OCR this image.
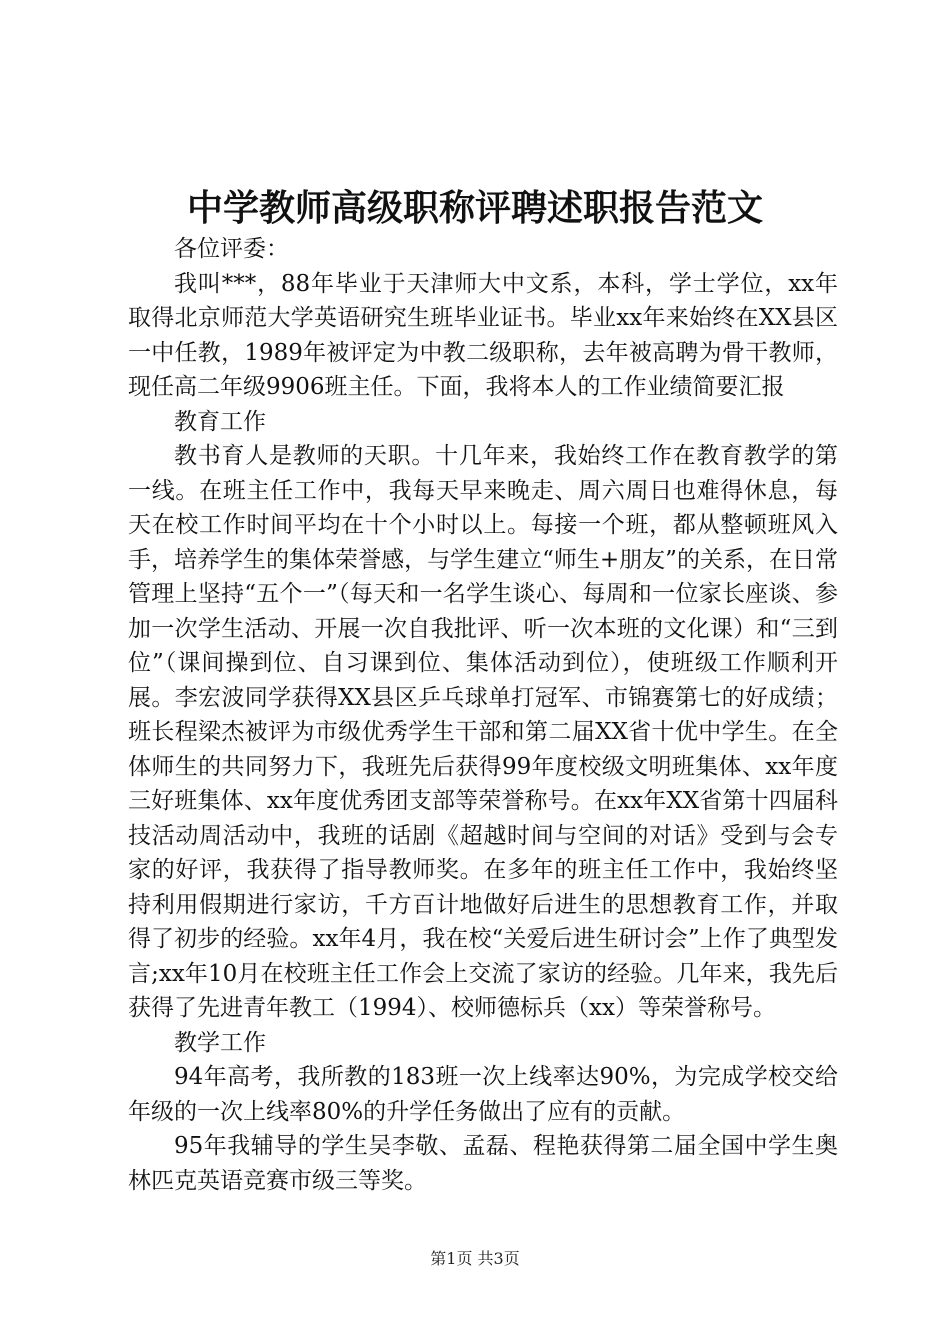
中学教师高级职称评聘述职报告范文

各位评委：

我叫***，88年毕业于天津师大中文系，本科，学士学位，xx年取得北京师范大学英语研究生班毕业证书。毕业xx年来始终在XX县区一中任教，1989年被评定为中教二级职称，去年被高聘为骨干教师，现任高二年级9906班主任。下面，我将本人的工作业绩简要汇报

教育工作

教书育人是教师的天职。十几年来，我始终工作在教育教学的第一线。在班主任工作中，我每天早来晚走、周六周日也难得休息，每天在校工作时间平均在十个小时以上。每接一个班，都从整顿班风入手，培养学生的集体荣誉感，与学生建立“师生+朋友”的关系，在日常管理上坚持“五个一”（每天和一名学生谈心、每周和一位家长座谈、参加一次学生活动、开展一次自我批评、听一次本班的文化课）和“三到位”（课间操到位、自习课到位、集体活动到位），使班级工作顺利开展。李宏波同学获得XX县区乒乓球单打冠军、市锦赛第七的好成绩；班长程梁杰被评为市级优秀学生干部和第二届XX省十优中学生。在全体师生的共同努力下，我班先后获得99年度校级文明班集体、xx年度三好班集体、xx年度优秀团支部等荣誉称号。在xx年XX省第十四届科技活动周活动中，我班的话剧《超越时间与空间的对话》受到与会专家的好评，我获得了指导教师奖。在多年的班主任工作中，我始终坚持利用假期进行家访，千方百计地做好后进生的思想教育工作，并取得了初步的经验。xx年4月，我在校“关爱后进生研讨会”上作了典型发言;xx年10月在校班主任工作会上交流了家访的经验。几年来，我先后获得了先进青年教工（1994）、校师德标兵（xx）等荣誉称号。

教学工作

94年高考，我所教的183班一次上线率达90%，为完成学校交给年级的一次上线率80%的升学任务做出了应有的贡献。

95年我辅导的学生吴李敬、孟磊、程艳获得第二届全国中学生奥林匹克英语竞赛市级三等奖。

第1页 共3页
